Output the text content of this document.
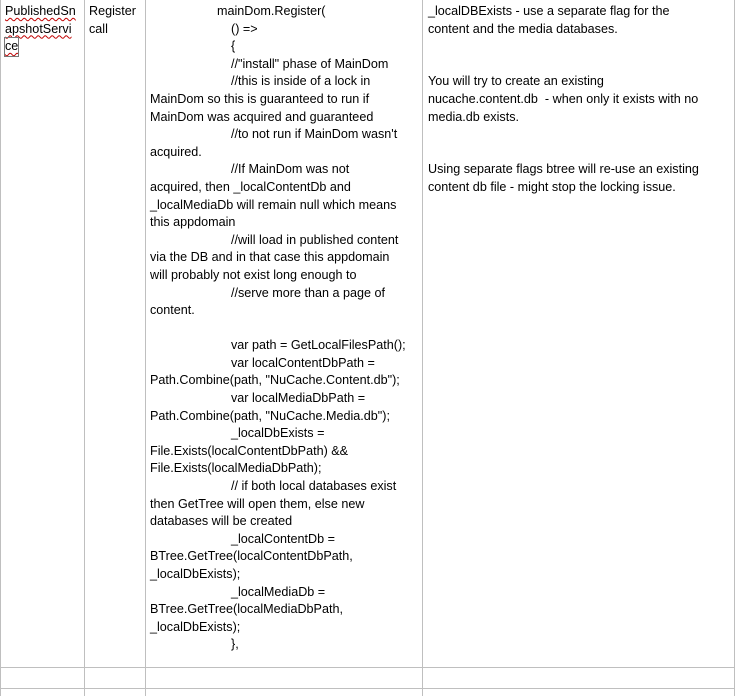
PublishedSn
apshotServi
ce
Register
call
mainDom.Register(
() =>
{
//"install" phase of MainDom
//this is inside of a lock in
MainDom so this is guaranteed to run if
MainDom was acquired and guaranteed
//to not run if MainDom wasn't
acquired.
//If MainDom was not
acquired, then _localContentDb and
_localMediaDb will remain null which means
this appdomain
//will load in published content
via the DB and in that case this appdomain
will probably not exist long enough to
//serve more than a page of
content.
var path = GetLocalFilesPath();
var localContentDbPath =
Path.Combine(path, "NuCache.Content.db");
var localMediaDbPath =
Path.Combine(path, "NuCache.Media.db");
_localDbExists =
File.Exists(localContentDbPath) &&
File.Exists(localMediaDbPath);
// if both local databases exist
then GetTree will open them, else new
databases will be created
_localContentDb =
BTree.GetTree(localContentDbPath,
_localDbExists);
_localMediaDb =
BTree.GetTree(localMediaDbPath,
_localDbExists);
},
_localDBExists - use a separate flag for the
content and the media databases.
You will try to create an existing
nucache.content.db  - when only it exists with no
media.db exists.
Using separate flags btree will re-use an existing
content db file - might stop the locking issue.
